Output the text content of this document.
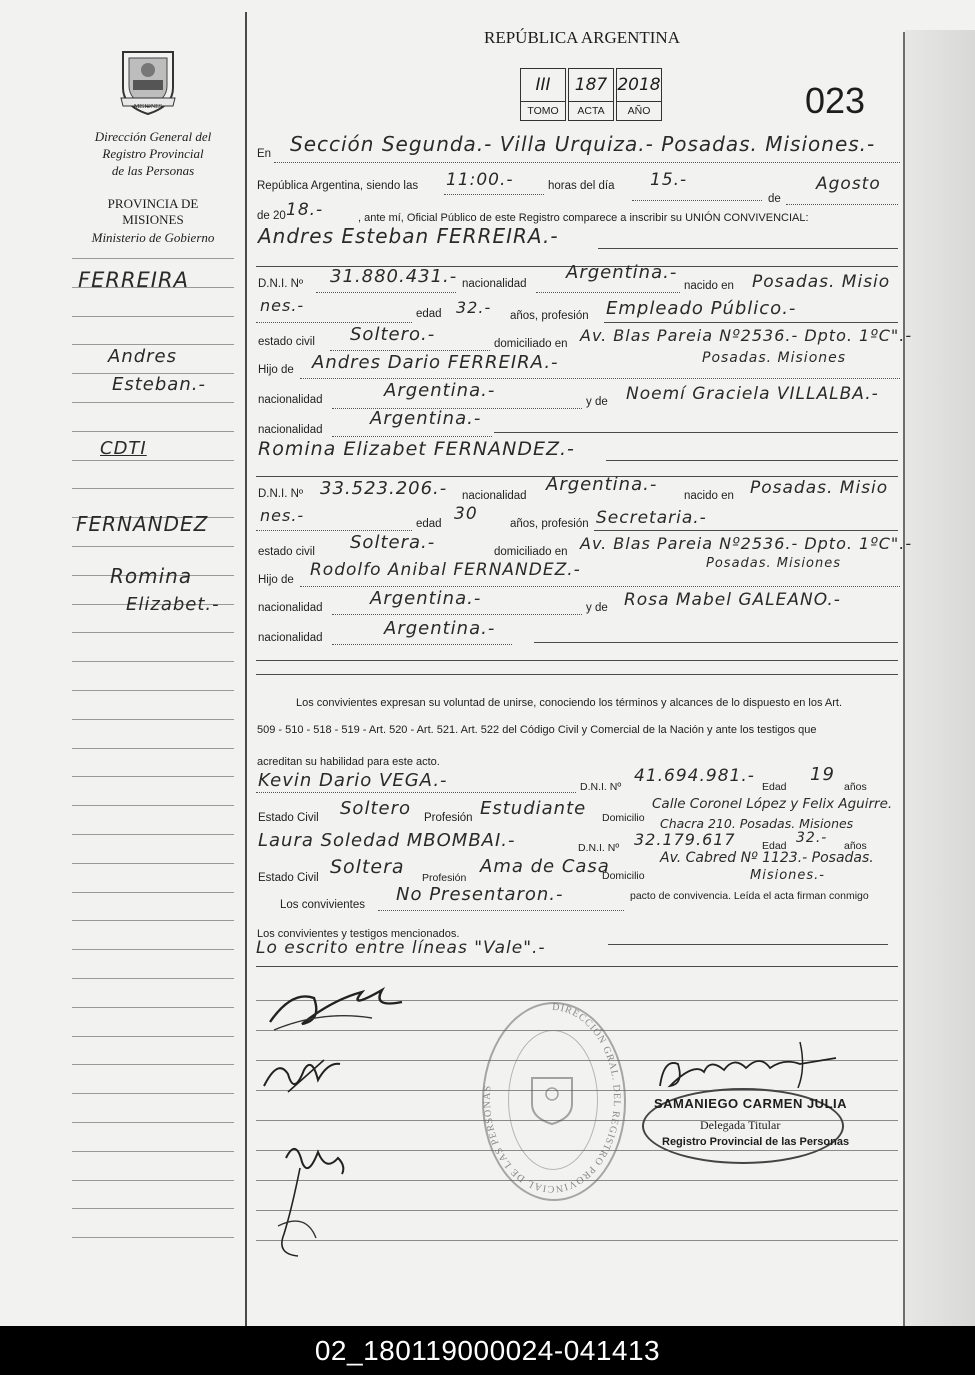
MISIONES
Dirección General del
Registro Provincial
de las Personas
PROVINCIA DE
MISIONES
Ministerio de Gobierno
FERREIRA
Andres
Esteban.-
CDTI
FERNANDEZ
Romina
Elizabet.-
REPÚBLICA ARGENTINA
III
TOMO
187
ACTA
2018
AÑO	023
En Sección Segunda.- Villa Urquiza.- Posadas. Misiones.-
República Argentina, siendo las 11:00.-	horas del día 15.-
de
Agosto
de 20 18.-	, ante mí, Oficial Público de este Registro comparece a inscribir su UNIÓN CONVIVENCIAL:
Andres Esteban FERREIRA.-
D.N.I. Nº 31.880.431.- nacionalidad
Argentina.-
nacido en Posadas. Misio
nes.-	edad 32.- años, profesión Empleado Público.-
estado civil Soltero.-	domiciliado en Av. Blas Pareia Nº2536.- Dpto. 1ºC".-
Hijo de Andres Dario FERREIRA.-	Posadas. Misiones
nacionalidad	Argentina.-
y de Noemí Graciela VILLALBA.-
nacionalidad
Argentina.-
Romina Elizabet FERNANDEZ.-
D.N.I. Nº 33.523.206.- nacionalidad
Argentina.-
nacido en Posadas. Misio
nes.-	edad 30	años, profesión Secretaria.-
estado civil Soltera.-	domiciliado en Av. Blas Pareia Nº2536.- Dpto. 1ºC".-
Hijo de Rodolfo Anibal FERNANDEZ.-	Posadas. Misiones
nacionalidad	Argentina.-	y de Rosa Mabel GALEANO.-
nacionalidad	Argentina.-
Los convivientes expresan su voluntad de unirse, conociendo los términos y alcances de lo dispuesto en los Art.
509 - 510 - 518 - 519 - Art. 520 - Art. 521. Art. 522 del Código Civil y Comercial de la Nación y ante los testigos que
acreditan su habilidad para este acto.
Kevin Dario VEGA.-	D.N.I. Nº
41.694.981.-
Edad
19
años
Estado Civil Soltero Profesión Estudiante Domicilio
Calle Coronel López y Felix Aguirre.
Chacra 210. Posadas. Misiones
Laura Soledad MBOMBAI.-	D.N.I. Nº 32.179.617	Edad 32.- años
Estado Civil Soltera Profesión
Ama de Casa
Domicilio
Av. Cabred Nº 1123.- Posadas.
Misiones.-
Los convivientes No Presentaron.-	pacto de convivencia. Leída el acta firman conmigo
Los convivientes y testigos mencionados.
Lo escrito entre líneas "Vale".-
DIRECCIÓN GRAL. DEL REGISTRO PROVINCIAL DE LAS PERSONAS
SAMANIEGO CARMEN JULIA
Delegada Titular
Registro Provincial de las Personas
02_180119000024-041413
